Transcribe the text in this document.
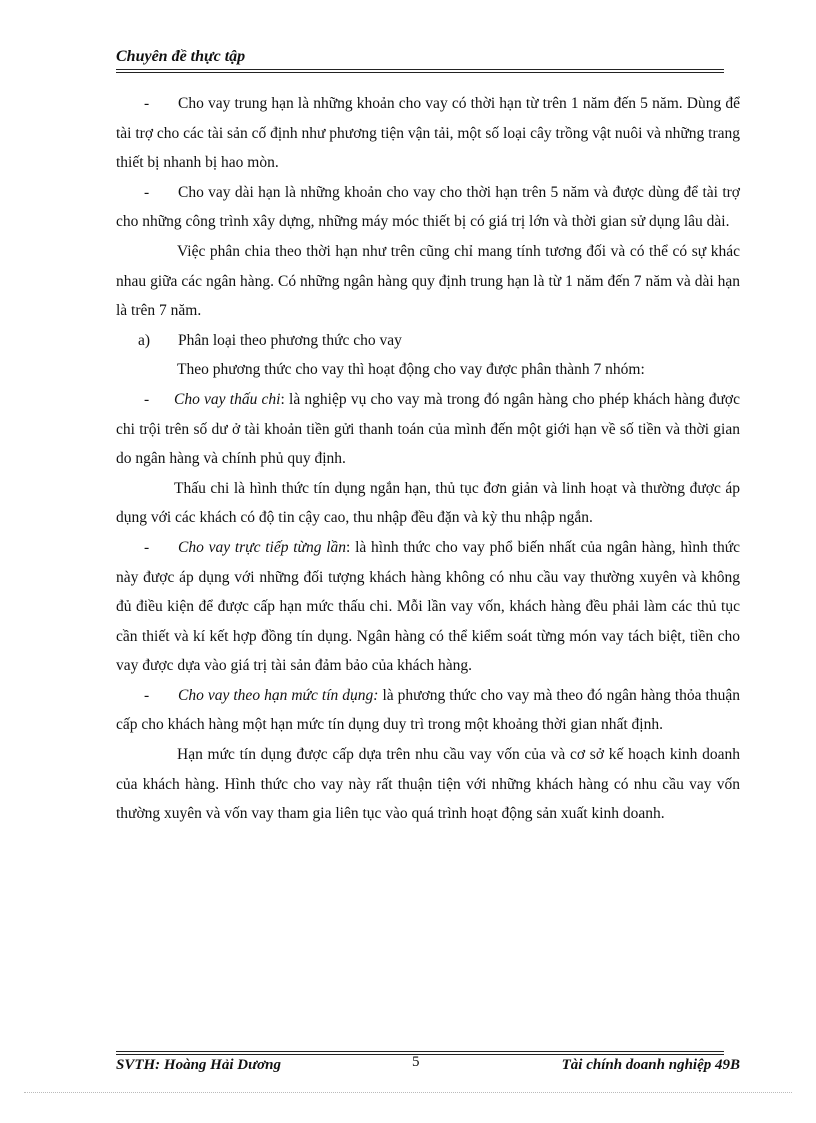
Chuyên đề thực tập

- Cho vay trung hạn là những khoản cho vay có thời hạn từ trên 1 năm đến 5 năm. Dùng để tài trợ cho các tài sản cố định như phương tiện vận tải, một số loại cây trồng vật nuôi và những trang thiết bị nhanh bị hao mòn.

- Cho vay dài hạn là những khoản cho vay cho thời hạn trên 5 năm và được dùng để tài trợ cho những công trình xây dựng, những máy móc thiết bị có giá trị lớn và thời gian sử dụng lâu dài.

Việc phân chia theo thời hạn như trên cũng chỉ mang tính tương đối và có thể có sự khác nhau giữa các ngân hàng. Có những ngân hàng quy định trung hạn là từ 1 năm đến 7 năm và dài hạn là trên 7 năm.

a) Phân loại theo phương thức cho vay

Theo phương thức cho vay thì hoạt động cho vay được phân thành 7 nhóm:

- Cho vay thấu chi: là nghiệp vụ cho vay mà trong đó ngân hàng cho phép khách hàng được chi trội trên số dư ở tài khoản tiền gửi thanh toán của mình đến một giới hạn về số tiền và thời gian do ngân hàng và chính phủ quy định.

Thấu chi là hình thức tín dụng ngắn hạn, thủ tục đơn giản và linh hoạt và thường được áp dụng với các khách có độ tin cậy cao, thu nhập đều đặn và kỳ thu nhập ngắn.

- Cho vay trực tiếp từng lần: là hình thức cho vay phổ biến nhất của ngân hàng, hình thức này được áp dụng với những đối tượng khách hàng không có nhu cầu vay thường xuyên và không đủ điều kiện để được cấp hạn mức thấu chi. Mỗi lần vay vốn, khách hàng đều phải làm các thủ tục cần thiết và kí kết hợp đồng tín dụng. Ngân hàng có thể kiểm soát từng món vay tách biệt, tiền cho vay được dựa vào giá trị tài sản đảm bảo của khách hàng.

- Cho vay theo hạn mức tín dụng: là phương thức cho vay mà theo đó ngân hàng thỏa thuận cấp cho khách hàng một hạn mức tín dụng duy trì trong một khoảng thời gian nhất định.

Hạn mức tín dụng được cấp dựa trên nhu cầu vay vốn của và cơ sở kế hoạch kinh doanh của khách hàng. Hình thức cho vay này rất thuận tiện với những khách hàng có nhu cầu vay vốn thường xuyên và vốn vay tham gia liên tục vào quá trình hoạt động sản xuất kinh doanh.

SVTH: Hoàng Hải Dương	5	Tài chính doanh nghiệp 49B
